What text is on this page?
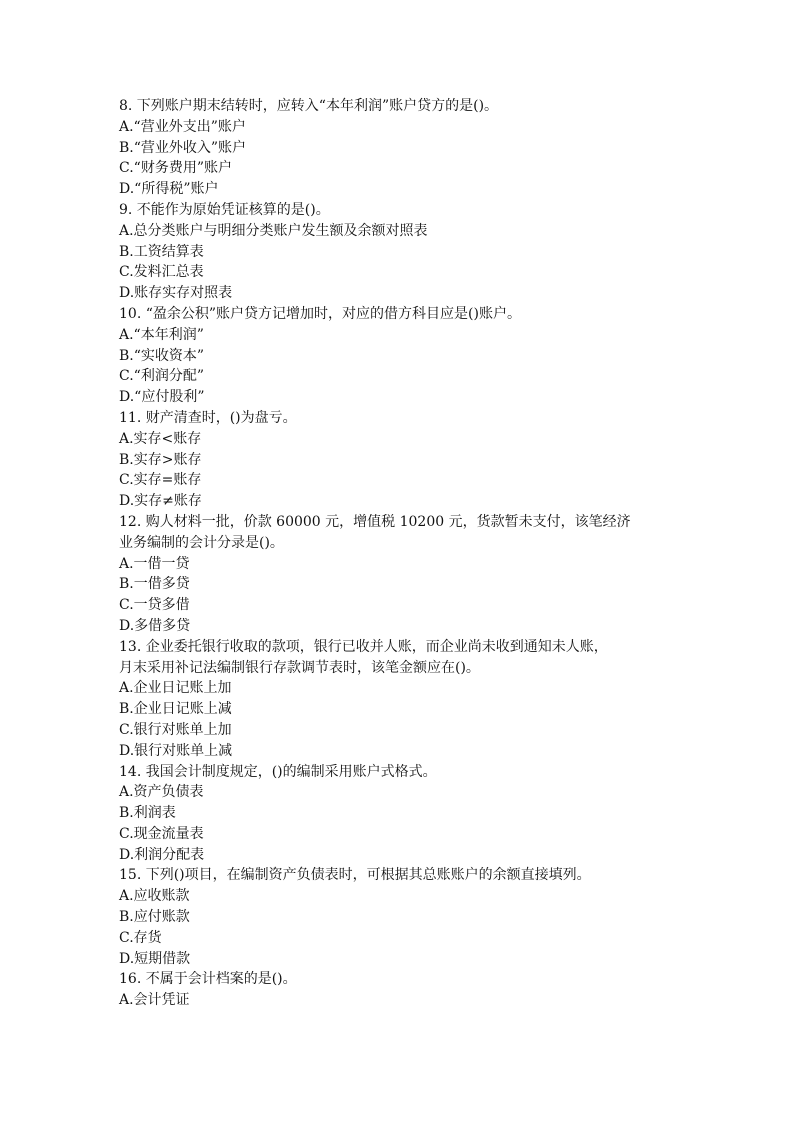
8. 下列账户期末结转时，应转入“本年利润”账户贷方的是()。
A.“营业外支出”账户
B.“营业外收入”账户
C.“财务费用”账户
D.“所得税”账户
9. 不能作为原始凭证核算的是()。
A.总分类账户与明细分类账户发生额及余额对照表
B.工资结算表
C.发料汇总表
D.账存实存对照表
10. “盈余公积”账户贷方记增加时，对应的借方科目应是()账户。
A.“本年利润”
B.“实收资本”
C.“利润分配”
D.“应付股利”
11. 财产清查时，()为盘亏。
A.实存<账存
B.实存>账存
C.实存=账存
D.实存≠账存
12. 购人材料一批，价款 60000 元，增值税 10200 元，货款暂未支付，该笔经济
业务编制的会计分录是()。
A.一借一贷
B.一借多贷
C.一贷多借
D.多借多贷
13. 企业委托银行收取的款项，银行已收并人账，而企业尚未收到通知未人账，
月末采用补记法编制银行存款调节表时，该笔金额应在()。
A.企业日记账上加
B.企业日记账上减
C.银行对账单上加
D.银行对账单上减
14. 我国会计制度规定，()的编制采用账户式格式。
A.资产负债表
B.利润表
C.现金流量表
D.利润分配表
15. 下列()项目，在编制资产负债表时，可根据其总账账户的余额直接填列。
A.应收账款
B.应付账款
C.存货
D.短期借款
16. 不属于会计档案的是()。
A.会计凭证
